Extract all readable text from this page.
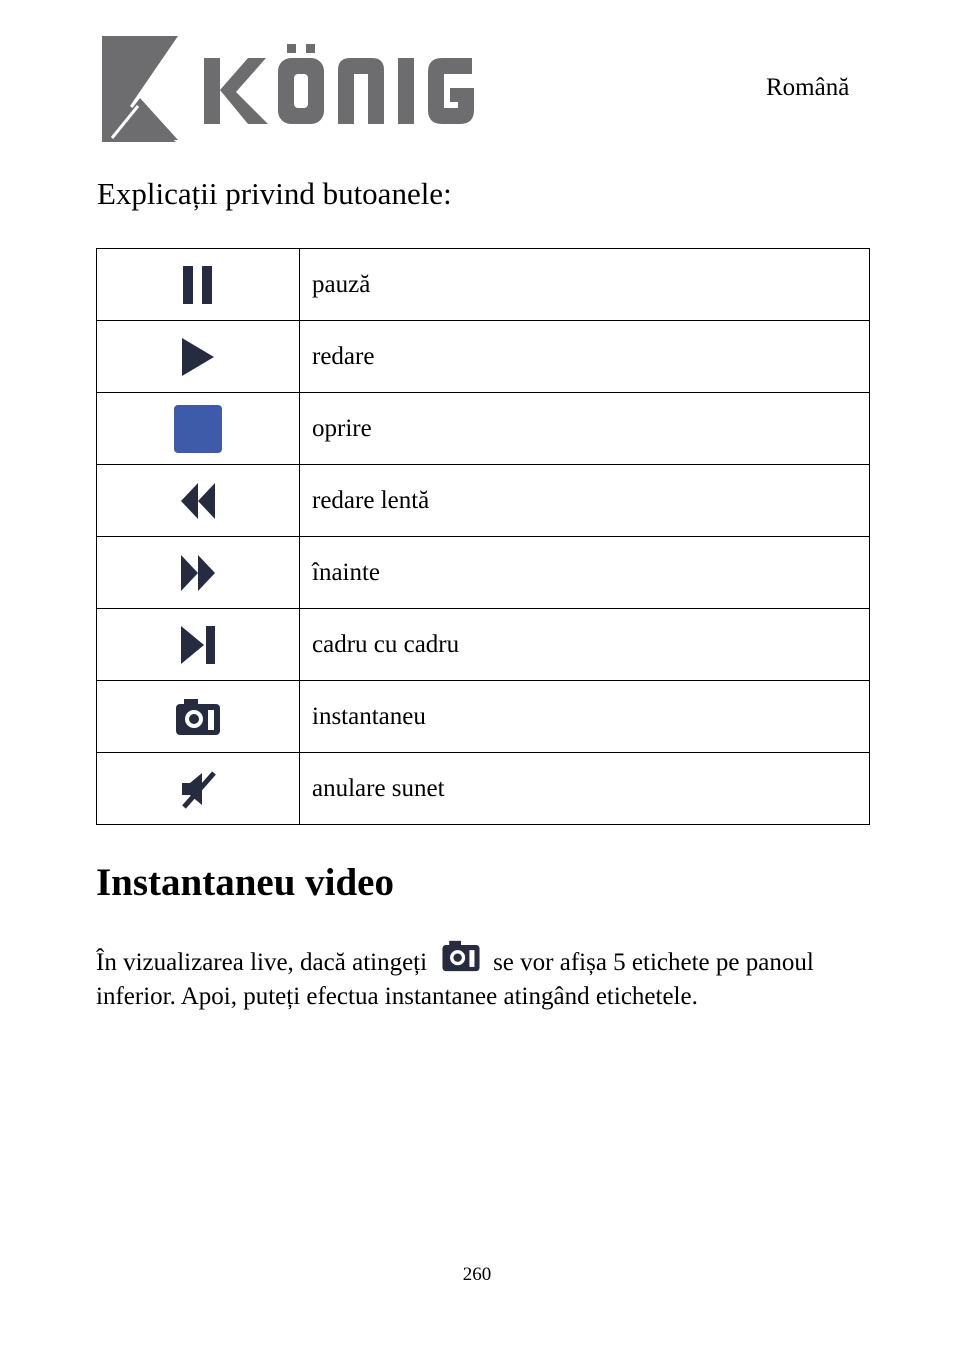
Română
Explicații privind butoanele:
	pauză

	redare

	oprire

	redare lentă

	înainte

	cadru cu cadru

	instantaneu

	anulare sunet
Instantaneu video
În vizualizarea live, dacă atingeți	se vor afișa 5 etichete pe panoul inferior. Apoi, puteți efectua instantanee atingând etichetele.
260
